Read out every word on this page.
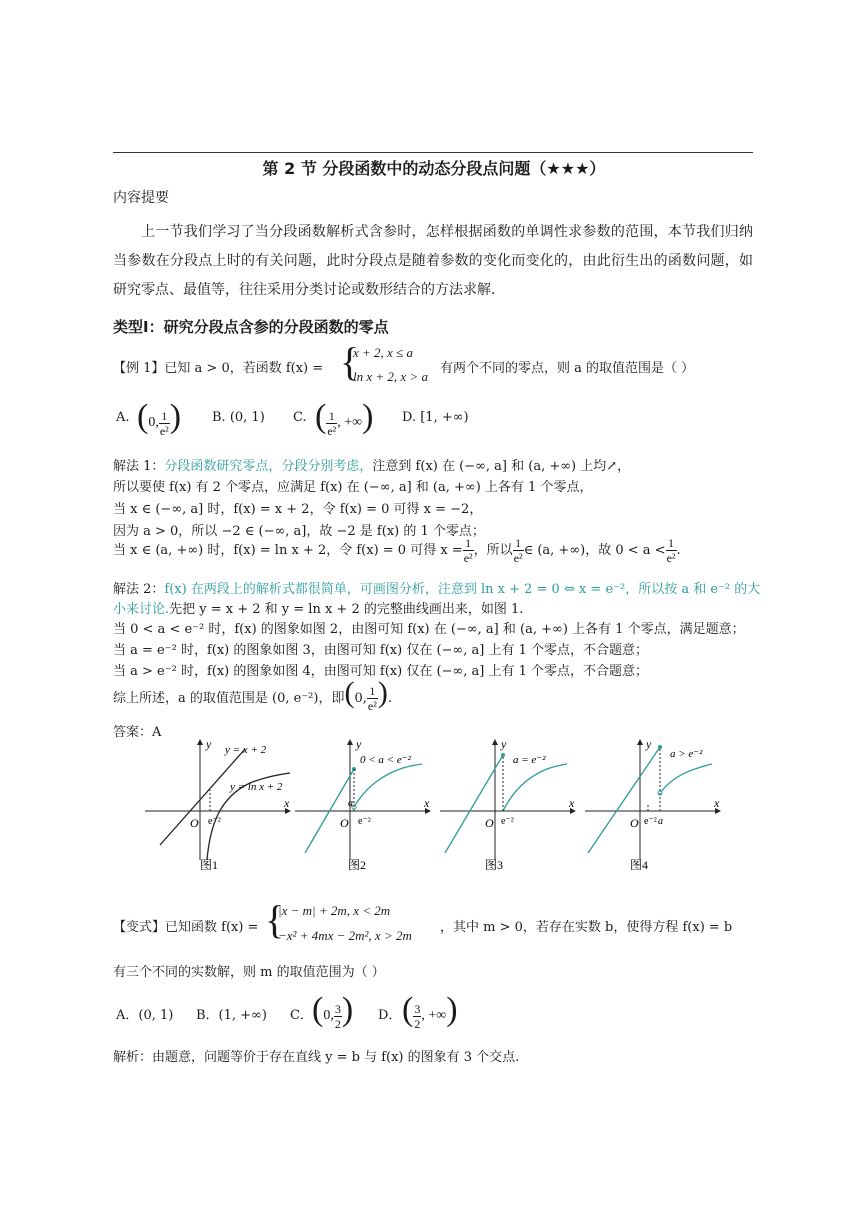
第 2 节 分段函数中的动态分段点问题（★★★）
内容提要
上一节我们学习了当分段函数解析式含参时，怎样根据函数的单调性求参数的范围，本节我们归纳当参数在分段点上时的有关问题，此时分段点是随着参数的变化而变化的，由此衍生出的函数问题，如研究零点、最值等，往往采用分类讨论或数形结合的方法求解.
类型Ⅰ：研究分段点含参的分段函数的零点
【例 1】已知 a > 0，若函数 f(x) = {
x + 2, x ≤ a
ln x + 2, x > a
有两个不同的零点，则 a 的取值范围是（ ）
A. (0, $\frac{1}{\text{e²}}$ ) B. (0, 1) C. ( $\frac{1}{\text{e²}}$ , +∞) D. [1, +∞)
解法 1：分段函数研究零点，分段分别考虑，注意到 f(x) 在 (−∞, a] 和 (a, +∞) 上均↗，
所以要使 f(x) 有 2 个零点，应满足 f(x) 在 (−∞, a] 和 (a, +∞) 上各有 1 个零点，
当 x ∈ (−∞, a] 时，f(x) = x + 2，令 f(x) = 0 可得 x = −2，
因为 a > 0，所以 −2 ∈ (−∞, a]，故 −2 是 f(x) 的 1 个零点；
当 x ∈ (a, +∞) 时，f(x) = ln x + 2，令 f(x) = 0 可得 $x = \frac{1}{\text{e²}}$ ，所以 $\frac{1}{\text{e²}}$ ∈ (a, +∞)，故 $0 < a < \frac{1}{\text{e²}}$ .
解法 2：f(x) 在两段上的解析式都很简单，可画图分析，注意到 ln x + 2 = 0 ⇔ x = e⁻²，所以按 a 和 e⁻² 的大
小来讨论.先把 y = x + 2 和 y = ln x + 2 的完整曲线画出来，如图 1.
当 0 < a < e⁻² 时，f(x) 的图象如图 2，由图可知 f(x) 在 (−∞, a] 和 (a, +∞) 上各有 1 个零点，满足题意；
当 a = e⁻² 时，f(x) 的图象如图 3，由图可知 f(x) 仅在 (−∞, a] 上有 1 个零点，不合题意；
当 a > e⁻² 时，f(x) 的图象如图 4，由图可知 f(x) 仅在 (−∞, a] 上有 1 个零点，不合题意；
综上所述，a 的取值范围是 (0, e⁻²)，即(0, $\frac{1}{\text{e²}}$ ).
答案：A
O
y
x
y = x + 2
y = ln x + 2
e⁻²
图1
O
y
x
0 < a < e⁻²
a
e⁻²
图2
O
y
x
a = e⁻²
e⁻²
图3
O
y
x
a > e⁻²
e⁻² a
图4
【变式】已知函数 f(x) = {
|x − m| + 2m, x < 2m
−x² + 4mx − 2m², x > 2m
，其中 m > 0，若存在实数 b，使得方程 f(x) = b
有三个不同的实数解，则 m 的取值范围为（ ）
A．(0, 1) B．(1, +∞) C． (0, $\frac{3}{2}$ ) D． ( $\frac{3}{2}$ , +∞)
解析：由题意，问题等价于存在直线 y = b 与 f(x) 的图象有 3 个交点.
